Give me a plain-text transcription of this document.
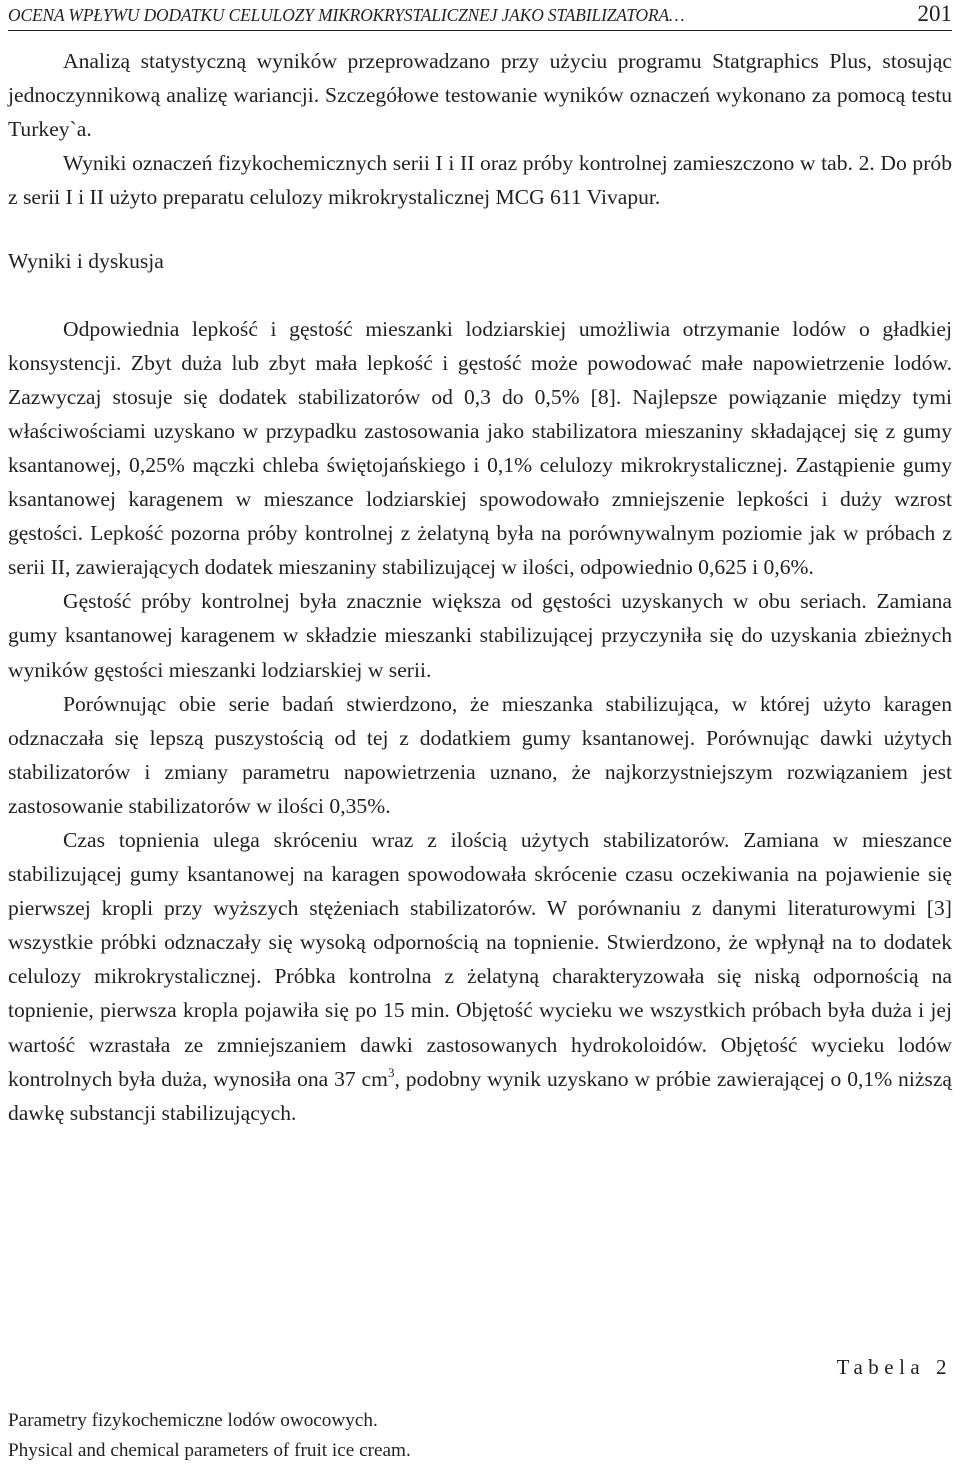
OCENA WPŁYWU DODATKU CELULOZY MIKROKRYSTALICZNEJ JAKO STABILIZATORA…	201

Analizą statystyczną wyników przeprowadzano przy użyciu programu Statgraphics Plus, stosując jednoczynnikową analizę wariancji. Szczegółowe testowanie wyników oznaczeń wykonano za pomocą testu Turkey`a.

Wyniki oznaczeń fizykochemicznych serii I i II oraz próby kontrolnej zamieszczono w tab. 2. Do prób z serii I i II użyto preparatu celulozy mikrokrystalicznej MCG 611 Vivapur.

Wyniki i dyskusja

Odpowiednia lepkość i gęstość mieszanki lodziarskiej umożliwia otrzymanie lodów o gładkiej konsystencji. Zbyt duża lub zbyt mała lepkość i gęstość może powodować małe napowietrzenie lodów. Zazwyczaj stosuje się dodatek stabilizatorów od 0,3 do 0,5% [8]. Najlepsze powiązanie między tymi właściwościami uzyskano w przypadku zastosowania jako stabilizatora mieszaniny składającej się z gumy ksantanowej, 0,25% mączki chleba świętojańskiego i 0,1% celulozy mikrokrystalicznej. Zastąpienie gumy ksantanowej karagenem w mieszance lodziarskiej spowodowało zmniejszenie lepkości i duży wzrost gęstości. Lepkość pozorna próby kontrolnej z żelatyną była na porównywalnym poziomie jak w próbach z serii II, zawierających dodatek mieszaniny stabilizującej w ilości, odpowiednio 0,625 i 0,6%.

Gęstość próby kontrolnej była znacznie większa od gęstości uzyskanych w obu seriach. Zamiana gumy ksantanowej karagenem w składzie mieszanki stabilizującej przyczyniła się do uzyskania zbieżnych wyników gęstości mieszanki lodziarskiej w serii.

Porównując obie serie badań stwierdzono, że mieszanka stabilizująca, w której użyto karagen odznaczała się lepszą puszystością od tej z dodatkiem gumy ksantanowej. Porównując dawki użytych stabilizatorów i zmiany parametru napowietrzenia uznano, że najkorzystniejszym rozwiązaniem jest zastosowanie stabilizatorów w ilości 0,35%.

Czas topnienia ulega skróceniu wraz z ilością użytych stabilizatorów. Zamiana w mieszance stabilizującej gumy ksantanowej na karagen spowodowała skrócenie czasu oczekiwania na pojawienie się pierwszej kropli przy wyższych stężeniach stabilizatorów. W porównaniu z danymi literaturowymi [3] wszystkie próbki odznaczały się wysoką odpornością na topnienie. Stwierdzono, że wpłynął na to dodatek celulozy mikrokrystalicznej. Próbka kontrolna z żelatyną charakteryzowała się niską odpornością na topnienie, pierwsza kropla pojawiła się po 15 min. Objętość wycieku we wszystkich próbach była duża i jej wartość wzrastała ze zmniejszaniem dawki zastosowanych hydrokoloidów. Objętość wycieku lodów kontrolnych była duża, wynosiła ona 37 $cm^3$, podobny wynik uzyskano w próbie zawierającej o 0,1% niższą dawkę substancji stabilizujących.

Tabela 2
Parametry fizykochemiczne lodów owocowych.
Physical and chemical parameters of fruit ice cream.
